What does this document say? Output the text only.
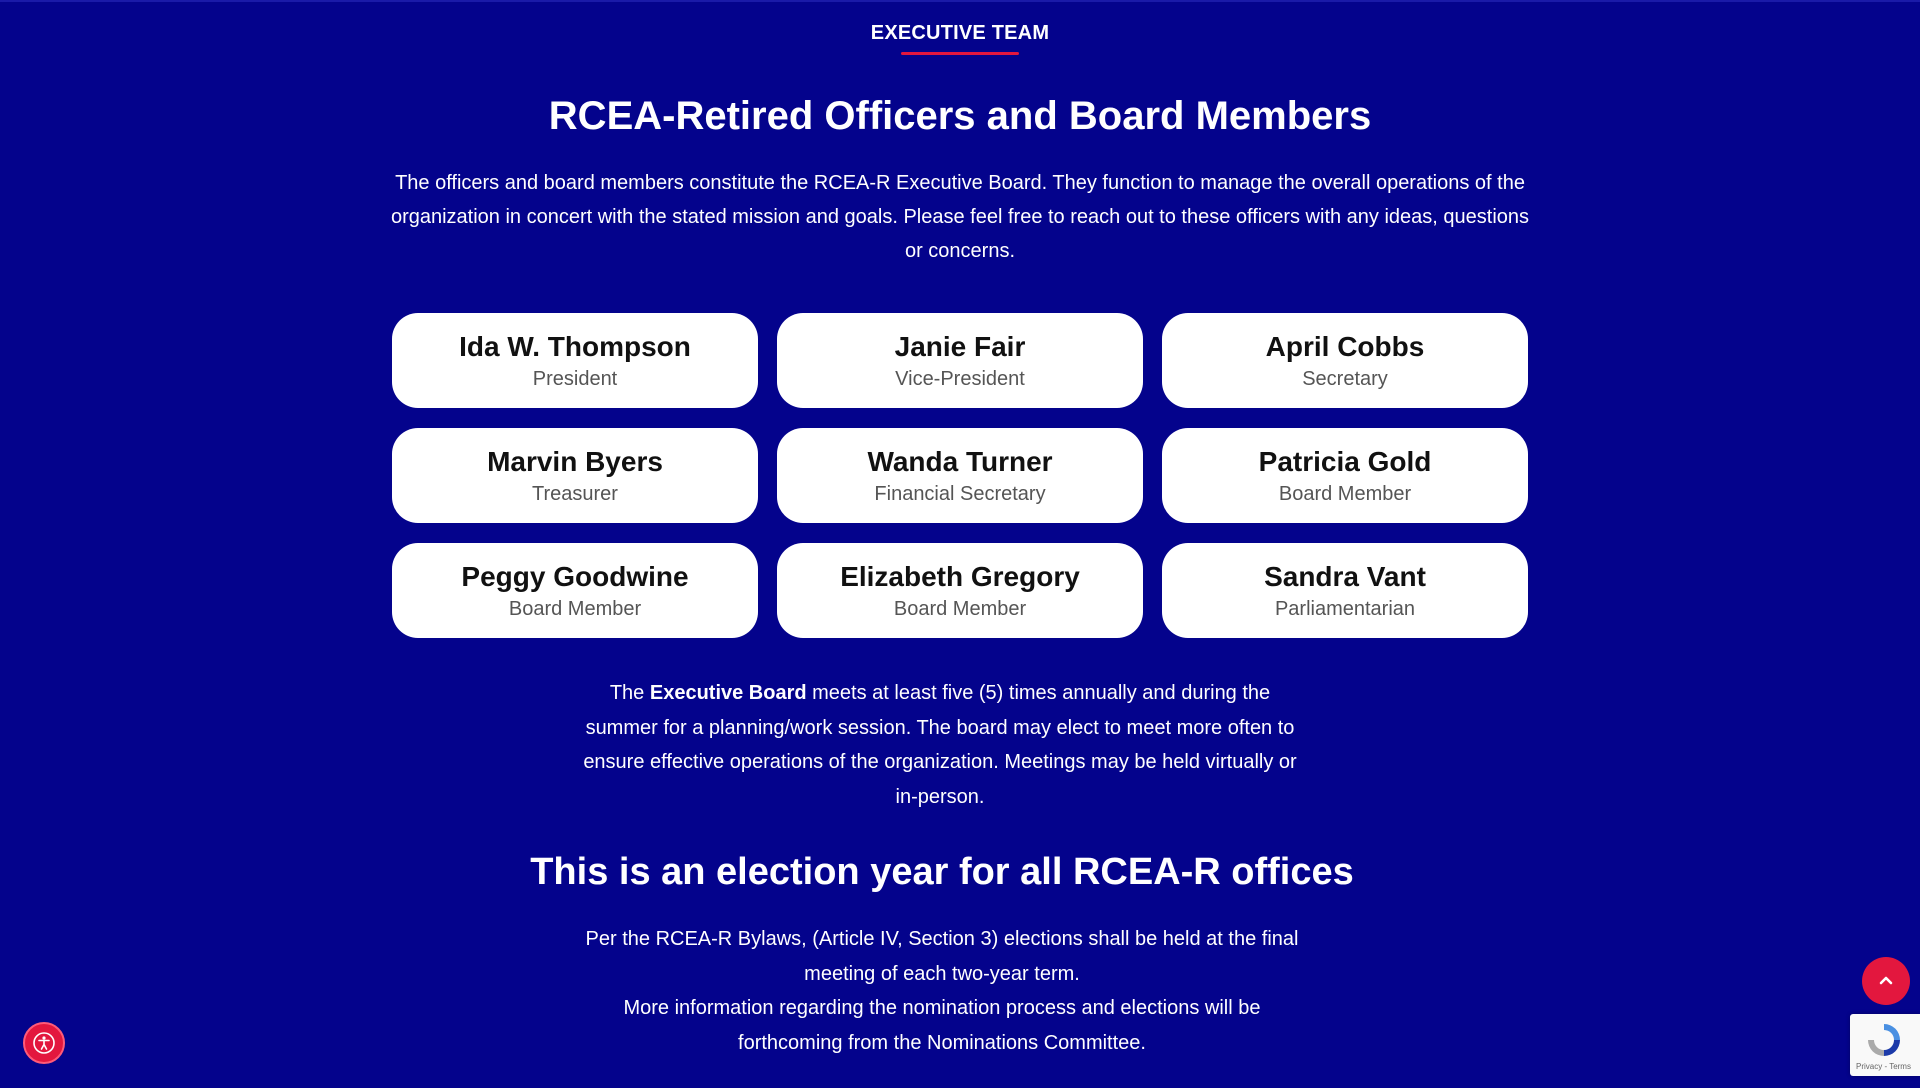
EXECUTIVE TEAM
RCEA-Retired Officers and Board Members

The officers and board members constitute the RCEA-R Executive Board. They function to manage the overall operations of the organization in concert with the stated mission and goals. Please feel free to reach out to these officers with any ideas, questions or concerns.

Ida W. Thompson
President
Janie Fair
Vice-President
April Cobbs
Secretary
Marvin Byers
Treasurer
Wanda Turner
Financial Secretary
Patricia Gold
Board Member
Peggy Goodwine
Board Member
Elizabeth Gregory
Board Member
Sandra Vant
Parliamentarian

The Executive Board meets at least five (5) times annually and during the summer for a planning/work session. The board may elect to meet more often to ensure effective operations of the organization. Meetings may be held virtually or in-person.

This is an election year for all RCEA-R offices

Per the RCEA-R Bylaws, (Article IV, Section 3) elections shall be held at the final meeting of each two-year term.
More information regarding the nomination process and elections will be forthcoming from the Nominations Committee.

Privacy - Terms
